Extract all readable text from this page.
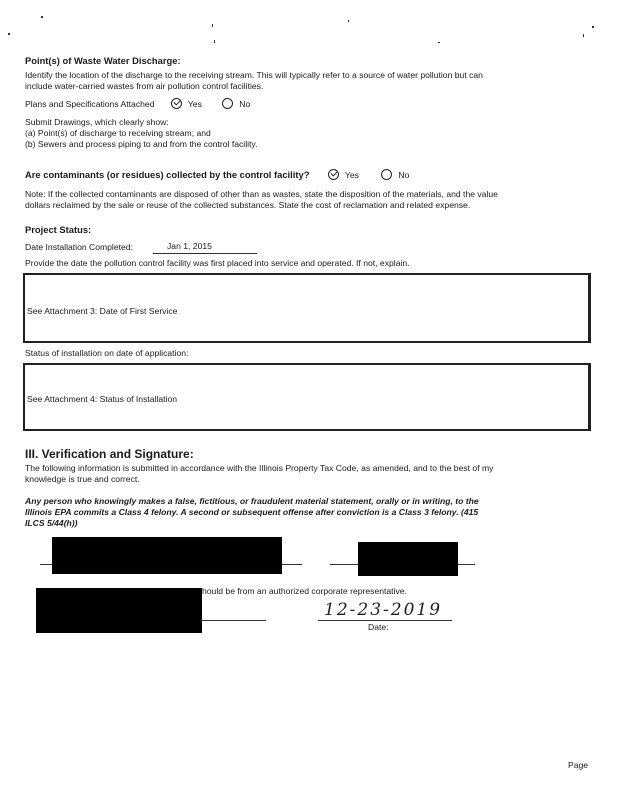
Point(s) of Waste Water Discharge:
Identify the location of the discharge to the receiving stream. This will typically refer to a source of water pollution but can
include water-carried wastes from air pollution control facilities.
Plans and Specifications Attached	Yes	No
Submit Drawings, which clearly show:
(a) Point(s) of discharge to receiving stream; and
(b) Sewers and process piping to and from the control facility.
Are contaminants (or residues) collected by the control facility?	Yes	No
Note: If the collected contaminants are disposed of other than as wastes, state the disposition of the materials, and the value
dollars reclaimed by the sale or reuse of the collected substances. State the cost of reclamation and related expense.
Project Status:
Date Installation Completed:	Jan 1, 2015
Provide the date the pollution control facility was first placed into service and operated. If not, explain.
See Attachment 3: Date of First Service
Status of installation on date of application:
See Attachment 4: Status of Installation
III. Verification and Signature:
The following information is submitted in accordance with the Illinois Property Tax Code, as amended, and to the best of my
knowledge is true and correct.
Any person who knowingly makes a false, fictitious, or fraudulent material statement, orally or in writing, to the
Illinois EPA commits a Class 4 felony. A second or subsequent offense after conviction is a Class 3 felony. (415
ILCS 5/44(h))
hould be from an authorized corporate representative.
12-23-2019
Date:
Page
